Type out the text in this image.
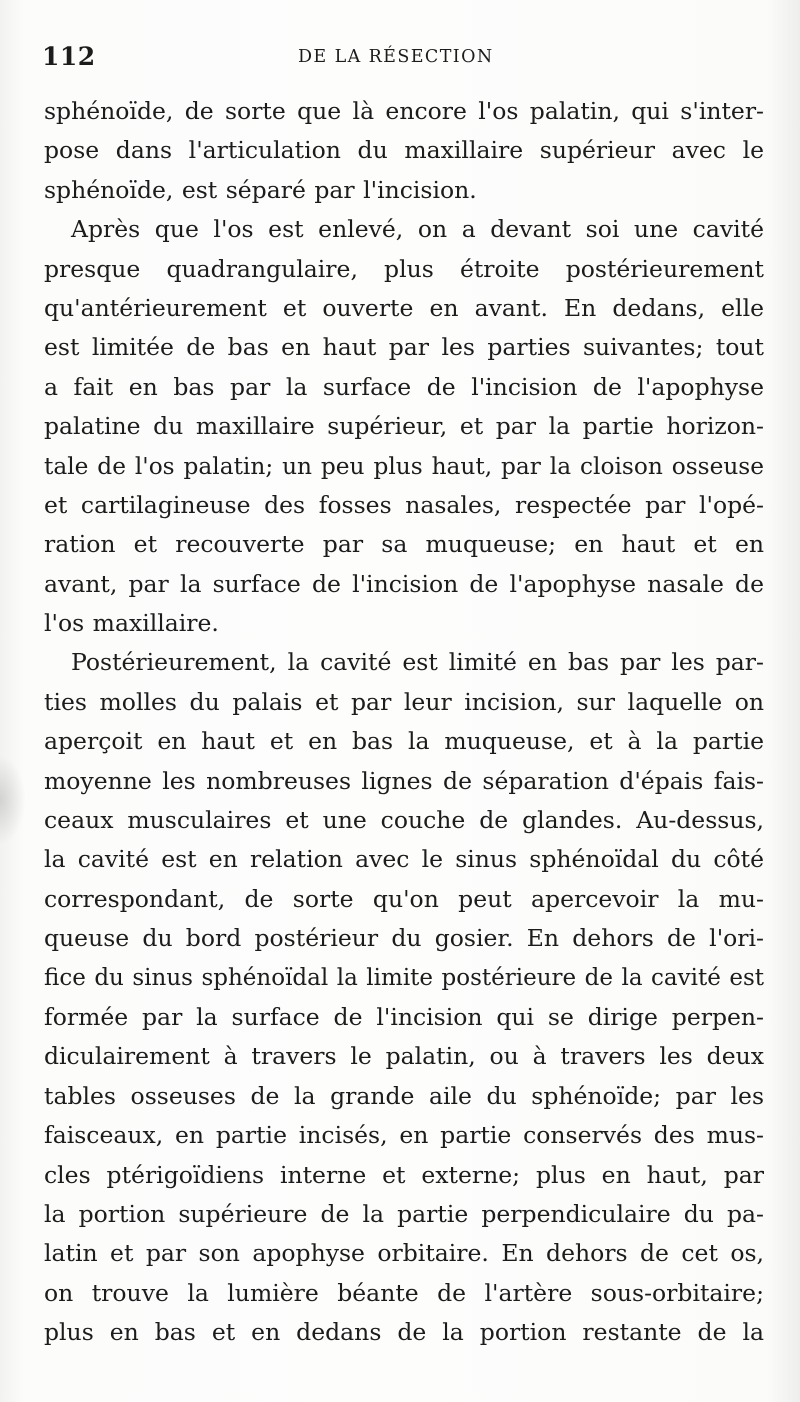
112	DE LA RÉSECTION
sphénoïde, de sorte que là encore l'os palatin, qui s'inter-
pose dans l'articulation du maxillaire supérieur avec le
sphénoïde, est séparé par l'incision.
Après que l'os est enlevé, on a devant soi une cavité
presque quadrangulaire, plus étroite postérieurement
qu'antérieurement et ouverte en avant. En dedans, elle
est limitée de bas en haut par les parties suivantes; tout
a fait en bas par la surface de l'incision de l'apophyse
palatine du maxillaire supérieur, et par la partie horizon-
tale de l'os palatin; un peu plus haut, par la cloison osseuse
et cartilagineuse des fosses nasales, respectée par l'opé-
ration et recouverte par sa muqueuse; en haut et en
avant, par la surface de l'incision de l'apophyse nasale de
l'os maxillaire.
Postérieurement, la cavité est limité en bas par les par-
ties molles du palais et par leur incision, sur laquelle on
aperçoit en haut et en bas la muqueuse, et à la partie
moyenne les nombreuses lignes de séparation d'épais fais-
ceaux musculaires et une couche de glandes. Au-dessus,
la cavité est en relation avec le sinus sphénoïdal du côté
correspondant, de sorte qu'on peut apercevoir la mu-
queuse du bord postérieur du gosier. En dehors de l'ori-
fice du sinus sphénoïdal la limite postérieure de la cavité est
formée par la surface de l'incision qui se dirige perpen-
diculairement à travers le palatin, ou à travers les deux
tables osseuses de la grande aile du sphénoïde; par les
faisceaux, en partie incisés, en partie conservés des mus-
cles ptérigoïdiens interne et externe; plus en haut, par
la portion supérieure de la partie perpendiculaire du pa-
latin et par son apophyse orbitaire. En dehors de cet os,
on trouve la lumière béante de l'artère sous-orbitaire;
plus en bas et en dedans de la portion restante de la
